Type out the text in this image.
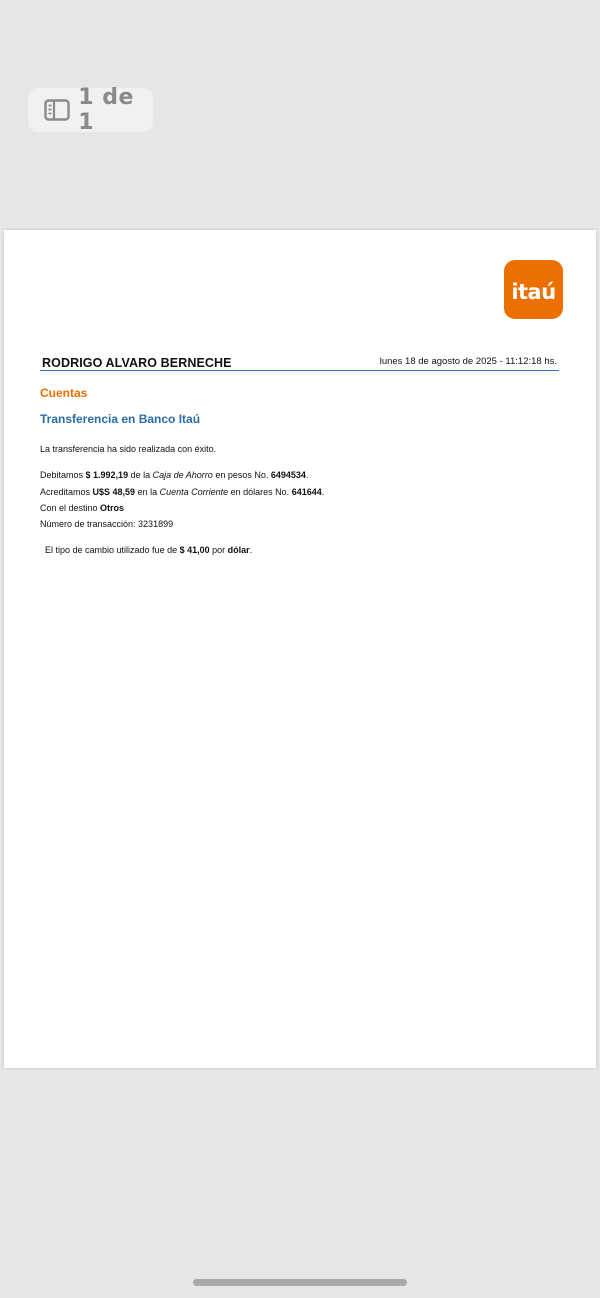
1 de 1
itaú
RODRIGO ALVARO BERNECHE	lunes 18 de agosto de 2025 - 11:12:18 hs.
Cuentas
Transferencia en Banco Itaú
La transferencia ha sido realizada con éxito.
Debitamos $ 1.992,19 de la Caja de Ahorro en pesos No. 6494534.
Acreditamos U$S 48,59 en la Cuenta Corriente en dólares No. 641644.
Con el destino Otros
Número de transacción: 3231899
El tipo de cambio utilizado fue de $ 41,00 por dólar.
